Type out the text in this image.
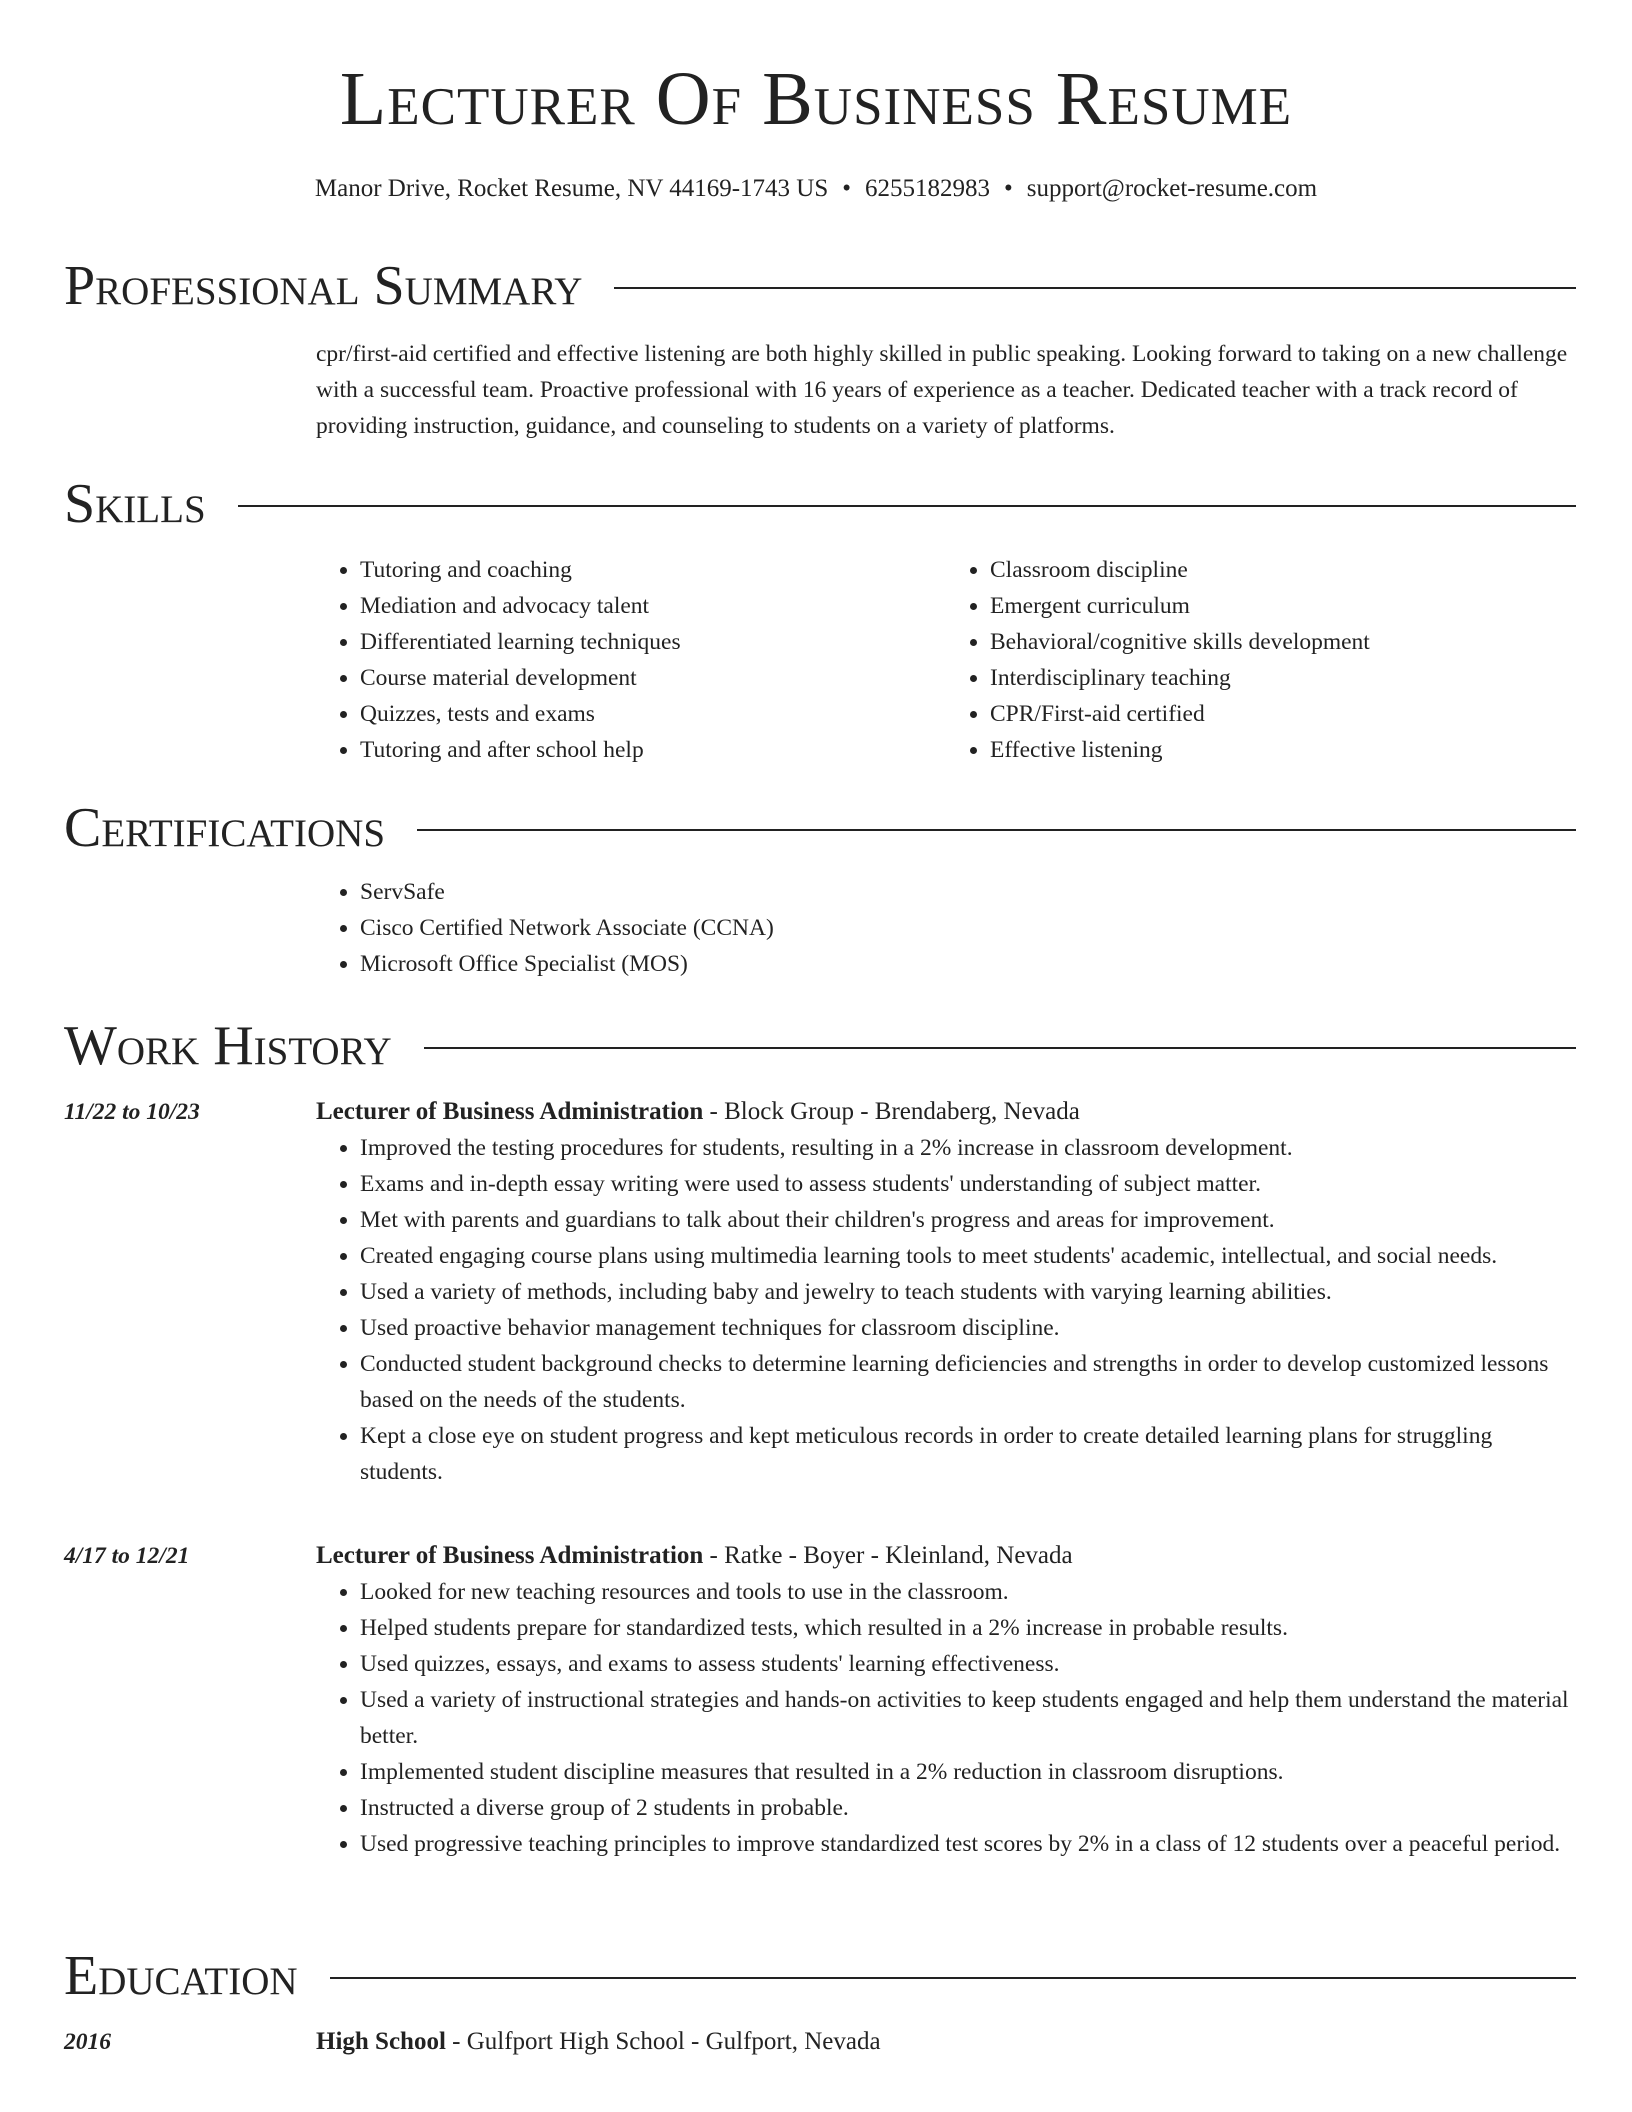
Lecturer Of Business Resume
Manor Drive, Rocket Resume, NV 44169-1743 US • 6255182983 • support@rocket-resume.com
Professional Summary

cpr/first-aid certified and effective listening are both highly skilled in public speaking. Looking forward to taking on a new challenge with a successful team. Proactive professional with 16 years of experience as a teacher. Dedicated teacher with a track record of providing instruction, guidance, and counseling to students on a variety of platforms.

Skills
• Tutoring and coaching
• Mediation and advocacy talent
• Differentiated learning techniques
• Course material development
• Quizzes, tests and exams
• Tutoring and after school help
• Classroom discipline
• Emergent curriculum
• Behavioral/cognitive skills development
• Interdisciplinary teaching
• CPR/First-aid certified
• Effective listening
Certifications
• ServSafe
• Cisco Certified Network Associate (CCNA)
• Microsoft Office Specialist (MOS)
Work History
11/22 to 10/23	Lecturer of Business Administration - Block Group - Brendaberg, Nevada
• Improved the testing procedures for students, resulting in a 2% increase in classroom development.
• Exams and in-depth essay writing were used to assess students' understanding of subject matter.
• Met with parents and guardians to talk about their children's progress and areas for improvement.
• Created engaging course plans using multimedia learning tools to meet students' academic, intellectual, and social needs.
• Used a variety of methods, including baby and jewelry to teach students with varying learning abilities.
• Used proactive behavior management techniques for classroom discipline.
• Conducted student background checks to determine learning deficiencies and strengths in order to develop customized lessons based on the needs of the students.
• Kept a close eye on student progress and kept meticulous records in order to create detailed learning plans for struggling students.
4/17 to 12/21	Lecturer of Business Administration - Ratke - Boyer - Kleinland, Nevada
• Looked for new teaching resources and tools to use in the classroom.
• Helped students prepare for standardized tests, which resulted in a 2% increase in probable results.
• Used quizzes, essays, and exams to assess students' learning effectiveness.
• Used a variety of instructional strategies and hands-on activities to keep students engaged and help them understand the material better.
• Implemented student discipline measures that resulted in a 2% reduction in classroom disruptions.
• Instructed a diverse group of 2 students in probable.
• Used progressive teaching principles to improve standardized test scores by 2% in a class of 12 students over a peaceful period.
Education
2016	High School - Gulfport High School - Gulfport, Nevada
